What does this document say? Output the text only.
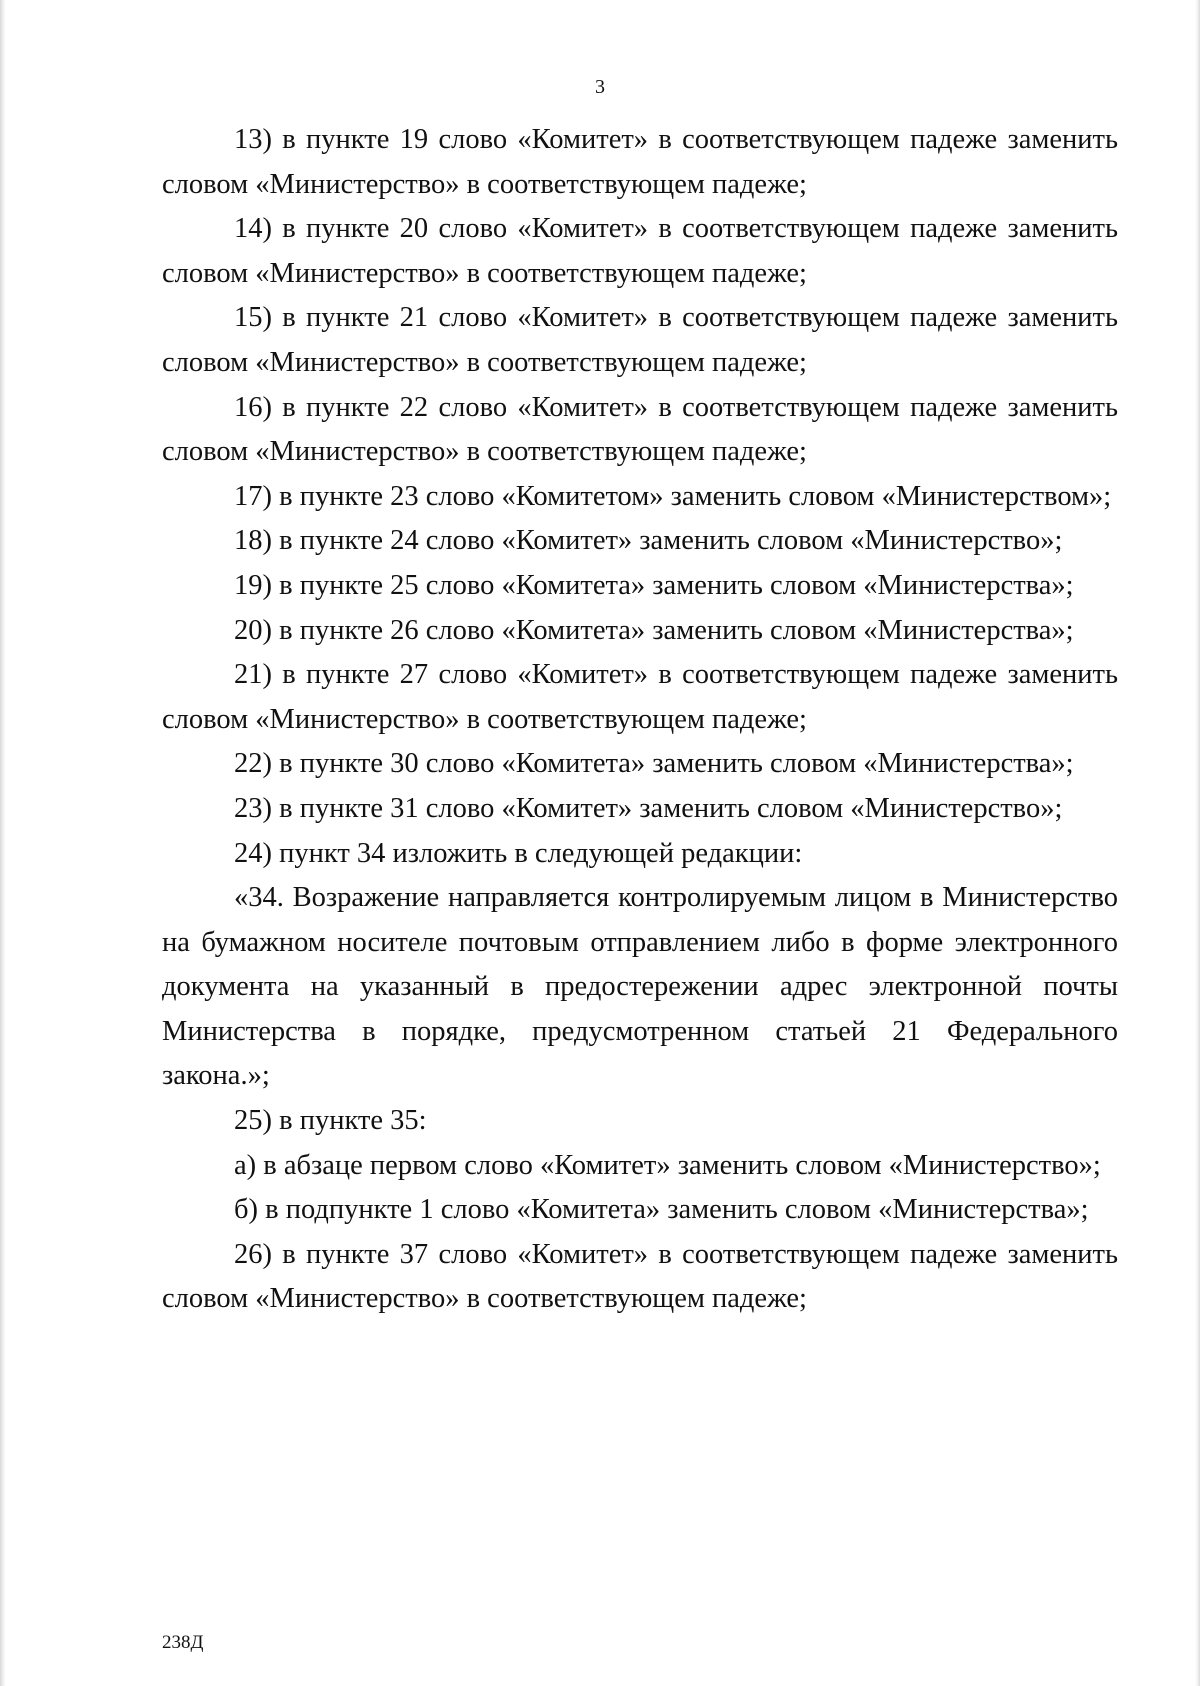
3

13) в пункте 19 слово «Комитет» в соответствующем падеже заменить словом «Министерство» в соответствующем падеже;

14) в пункте 20 слово «Комитет» в соответствующем падеже заменить словом «Министерство» в соответствующем падеже;

15) в пункте 21 слово «Комитет» в соответствующем падеже заменить словом «Министерство» в соответствующем падеже;

16) в пункте 22 слово «Комитет» в соответствующем падеже заменить словом «Министерство» в соответствующем падеже;

17) в пункте 23 слово «Комитетом» заменить словом «Министерством»;

18) в пункте 24 слово «Комитет» заменить словом «Министерство»;

19) в пункте 25 слово «Комитета» заменить словом «Министерства»;

20) в пункте 26 слово «Комитета» заменить словом «Министерства»;

21) в пункте 27 слово «Комитет» в соответствующем падеже заменить словом «Министерство» в соответствующем падеже;

22) в пункте 30 слово «Комитета» заменить словом «Министерства»;

23) в пункте 31 слово «Комитет» заменить словом «Министерство»;

24) пункт 34 изложить в следующей редакции:

«34. Возражение направляется контролируемым лицом в Министерство на бумажном носителе почтовым отправлением либо в форме электронного документа на указанный в предостережении адрес электронной почты Министерства в порядке, предусмотренном статьей 21 Федерального закона.»;

25) в пункте 35:

а) в абзаце первом слово «Комитет» заменить словом «Министерство»;

б) в подпункте 1 слово «Комитета» заменить словом «Министерства»;

26) в пункте 37 слово «Комитет» в соответствующем падеже заменить словом «Министерство» в соответствующем падеже;

238Д
